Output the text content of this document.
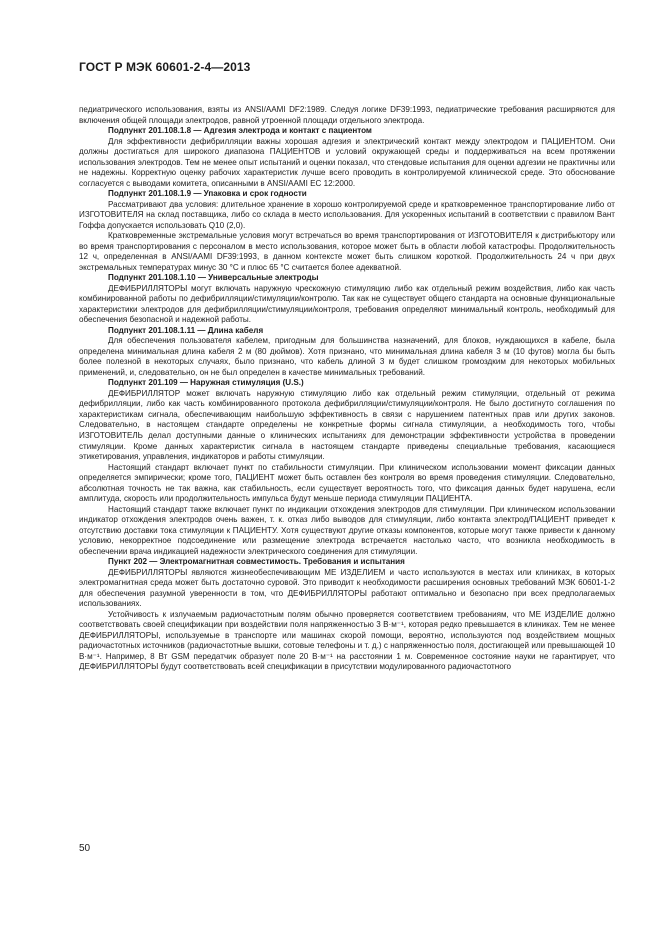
ГОСТ Р МЭК 60601-2-4—2013

педиатрического использования, взяты из ANSI/AAMI DF2:1989. Следуя логике DF39:1993, педиатрические требования расширяются для включения общей площади электродов, равной утроенной площади отдельного электрода.

Подпункт 201.108.1.8 — Адгезия электрода и контакт с пациентом

Для эффективности дефибрилляции важны хорошая адгезия и электрический контакт между электродом и ПАЦИЕНТОМ. Они должны достигаться для широкого диапазона ПАЦИЕНТОВ и условий окружающей среды и поддерживаться на всем протяжении использования электродов. Тем не менее опыт испытаний и оценки показал, что стендовые испытания для оценки адгезии не практичны или не надежны. Корректную оценку рабочих характеристик лучше всего проводить в контролируемой клинической среде. Это обоснование согласуется с выводами комитета, описанными в ANSI/AAMI EC 12:2000.

Подпункт 201.108.1.9 — Упаковка и срок годности

Рассматривают два условия: длительное хранение в хорошо контролируемой среде и кратковременное транспортирование либо от ИЗГОТОВИТЕЛЯ на склад поставщика, либо со склада в место использования. Для ускоренных испытаний в соответствии с правилом Вант Гоффа допускается использовать Q10 (2,0).

Кратковременные экстремальные условия могут встречаться во время транспортирования от ИЗГОТОВИТЕЛЯ к дистрибьютору или во время транспортирования с персоналом в место использования, которое может быть в области любой катастрофы. Продолжительность 12 ч, определенная в ANSI/AAMI DF39:1993, в данном контексте может быть слишком короткой. Продолжительность 24 ч при двух экстремальных температурах минус 30 °C и плюс 65 °C считается более адекватной.

Подпункт 201.108.1.10 — Универсальные электроды

ДЕФИБРИЛЛЯТОРЫ могут включать наружную чрескожную стимуляцию либо как отдельный режим воздействия, либо как часть комбинированной работы по дефибрилляции/стимуляции/контролю. Так как не существует общего стандарта на основные функциональные характеристики электродов для дефибрилляции/стимуляции/контроля, требования определяют минимальный контроль, необходимый для обеспечения безопасной и надежной работы.

Подпункт 201.108.1.11 — Длина кабеля

Для обеспечения пользователя кабелем, пригодным для большинства назначений, для блоков, нуждающихся в кабеле, была определена минимальная длина кабеля 2 м (80 дюймов). Хотя признано, что минимальная длина кабеля 3 м (10 футов) могла бы быть более полезной в некоторых случаях, было признано, что кабель длиной 3 м будет слишком громоздким для некоторых мобильных применений, и, следовательно, он не был определен в качестве минимальных требований.

Подпункт 201.109 — Наружная стимуляция (U.S.)

ДЕФИБРИЛЛЯТОР может включать наружную стимуляцию либо как отдельный режим стимуляции, отдельный от режима дефибрилляции, либо как часть комбинированного протокола дефибрилляции/стимуляции/контроля. Не было достигнуто соглашения по характеристикам сигнала, обеспечивающим наибольшую эффективность в связи с нарушением патентных прав или других законов. Следовательно, в настоящем стандарте определены не конкретные формы сигнала стимуляции, а необходимость того, чтобы ИЗГОТОВИТЕЛЬ делал доступными данные о клинических испытаниях для демонстрации эффективности устройства в проведении стимуляции. Кроме данных характеристик сигнала в настоящем стандарте приведены специальные требования, касающиеся этикетирования, управления, индикаторов и работы стимуляции.

Настоящий стандарт включает пункт по стабильности стимуляции. При клиническом использовании момент фиксации данных определяется эмпирически; кроме того, ПАЦИЕНТ может быть оставлен без контроля во время проведения стимуляции. Следовательно, абсолютная точность не так важна, как стабильность, если существует вероятность того, что фиксация данных будет нарушена, если амплитуда, скорость или продолжительность импульса будут меньше периода стимуляции ПАЦИЕНТА.

Настоящий стандарт также включает пункт по индикации отхождения электродов для стимуляции. При клиническом использовании индикатор отхождения электродов очень важен, т. к. отказ либо выводов для стимуляции, либо контакта электрод/ПАЦИЕНТ приведет к отсутствию доставки тока стимуляции к ПАЦИЕНТУ. Хотя существуют другие отказы компонентов, которые могут также привести к данному условию, некорректное подсоединение или размещение электрода встречается настолько часто, что возникла необходимость в обеспечении врача индикацией надежности электрического соединения для стимуляции.

Пункт 202 — Электромагнитная совместимость. Требования и испытания

ДЕФИБРИЛЛЯТОРЫ являются жизнеобеспечивающим МЕ ИЗДЕЛИЕМ и часто используются в местах или клиниках, в которых электромагнитная среда может быть достаточно суровой. Это приводит к необходимости расширения основных требований МЭК 60601-1-2 для обеспечения разумной уверенности в том, что ДЕФИБРИЛЛЯТОРЫ работают оптимально и безопасно при всех предполагаемых использованиях.

Устойчивость к излучаемым радиочастотным полям обычно проверяется соответствием требованиям, что МЕ ИЗДЕЛИЕ должно соответствовать своей спецификации при воздействии поля напряженностью 3 В·м⁻¹, которая редко превышается в клиниках. Тем не менее ДЕФИБРИЛЛЯТОРЫ, используемые в транспорте или машинах скорой помощи, вероятно, используются под воздействием мощных радиочастотных источников (радиочастотные вышки, сотовые телефоны и т. д.) с напряженностью поля, достигающей или превышающей 10 В·м⁻¹. Например, 8 Вт GSM передатчик образует поле 20 В·м⁻¹ на расстоянии 1 м. Современное состояние науки не гарантирует, что ДЕФИБРИЛЛЯТОРЫ будут соответствовать всей спецификации в присутствии модулированного радиочастотного

50
